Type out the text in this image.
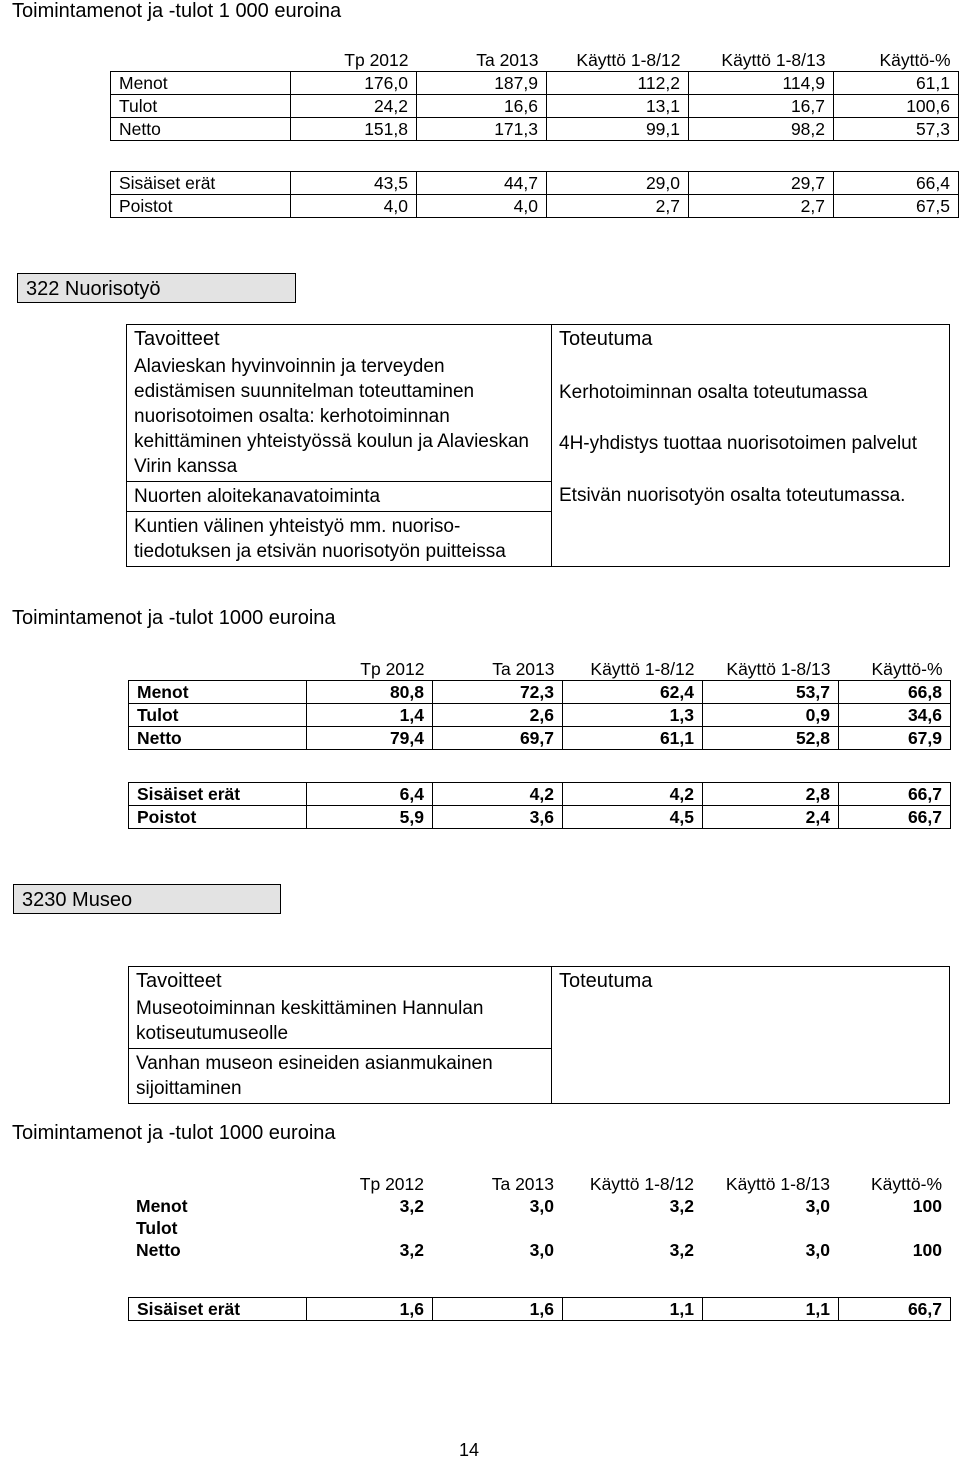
Toimintamenot ja -tulot 1 000 euroina
	Tp 2012	Ta 2013	Käyttö 1-8/12	Käyttö 1-8/13	Käyttö-%
Menot	176,0	187,9	112,2	114,9	61,1
Tulot	24,2	16,6	13,1	16,7	100,6
Netto	151,8	171,3	99,1	98,2	57,3
Sisäiset erät	43,5	44,7	29,0	29,7	66,4
Poistot	4,0	4,0	2,7	2,7	67,5
322 Nuorisotyö
Tavoitteet	Toteutuma

Alavieskan hyvinvoinnin ja terveyden edistämisen suunnitelman toteuttaminen nuorisotoimen osalta: kerhotoiminnan kehittäminen yhteistyössä koulun ja Alavieskan Virin kanssa	Kerhotoiminnan osalta toteutumassa

4H-yhdistys tuottaa nuorisotoimen palvelut

Etsivän nuorisotyön osalta toteutumassa.

Nuorten aloitekanavatoiminta	

Kuntien välinen yhteistyö mm. nuoriso-tiedotuksen ja etsivän nuorisotyön puitteissa	

Toimintamenot ja -tulot 1000 euroina
	Tp 2012	Ta 2013	Käyttö 1-8/12	Käyttö 1-8/13	Käyttö-%
Menot	80,8	72,3	62,4	53,7	66,8
Tulot	1,4	2,6	1,3	0,9	34,6
Netto	79,4	69,7	61,1	52,8	67,9
Sisäiset erät	6,4	4,2	4,2	2,8	66,7
Poistot	5,9	3,6	4,5	2,4	66,7
3230 Museo
Tavoitteet	Toteutuma

Museotoiminnan keskittäminen Hannulan kotiseutumuseolle	

Vanhan museon esineiden asianmukainen sijoittaminen	

Toimintamenot ja -tulot 1000 euroina
	Tp 2012	Ta 2013	Käyttö 1-8/12	Käyttö 1-8/13	Käyttö-%
Menot	3,2	3,0	3,2	3,0	100
Tulot					
Netto	3,2	3,0	3,2	3,0	100
Sisäiset erät	1,6	1,6	1,1	1,1	66,7
14
